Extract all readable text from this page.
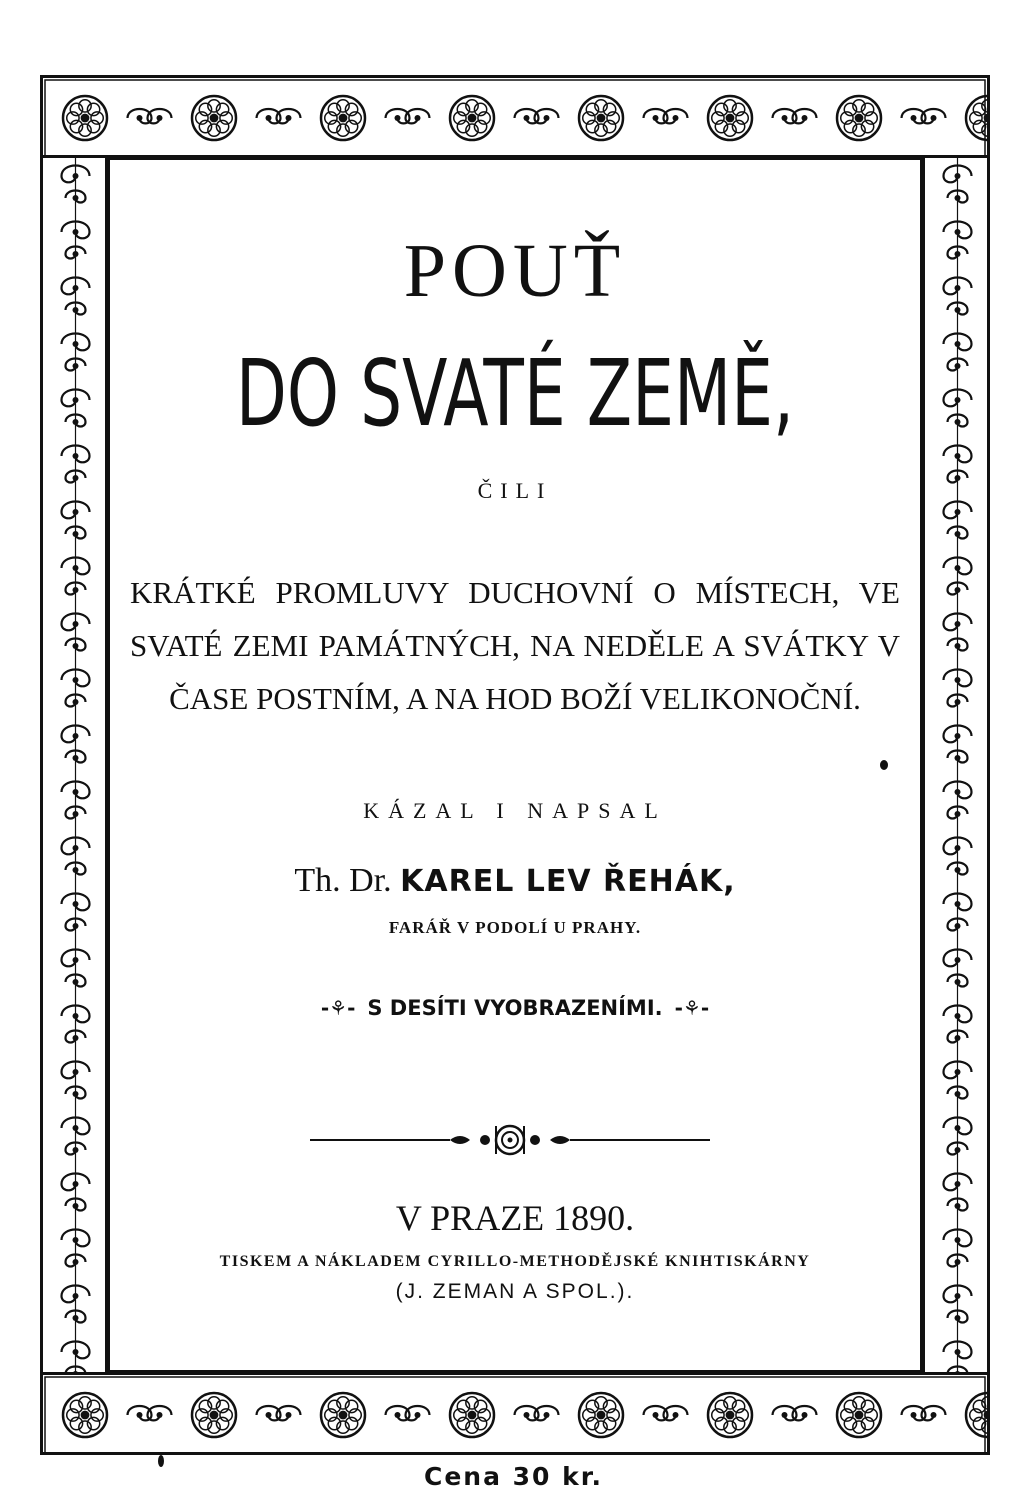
POUŤ
DO SVATÉ ZEMĚ,

ČILI

KRÁTKÉ PROMLUVY DUCHOVNÍ O MÍSTECH, VE SVATÉ ZEMI PAMÁTNÝCH, NA NEDĚLE A SVÁTKY V ČASE POSTNÍM, A NA HOD BOŽÍ VELIKONOČNÍ.

KÁZAL I NAPSAL

Th. Dr. KAREL LEV ŘEHÁK,

FARÁŘ V PODOLÍ U PRAHY.

-⚘- S DESÍTI VYOBRAZENÍMI. -⚘-

V PRAZE 1890.

TISKEM A NÁKLADEM CYRILLO-METHODĚJSKÉ KNIHTISKÁRNY

(J. ZEMAN A SPOL.).

Cena 30 kr.
